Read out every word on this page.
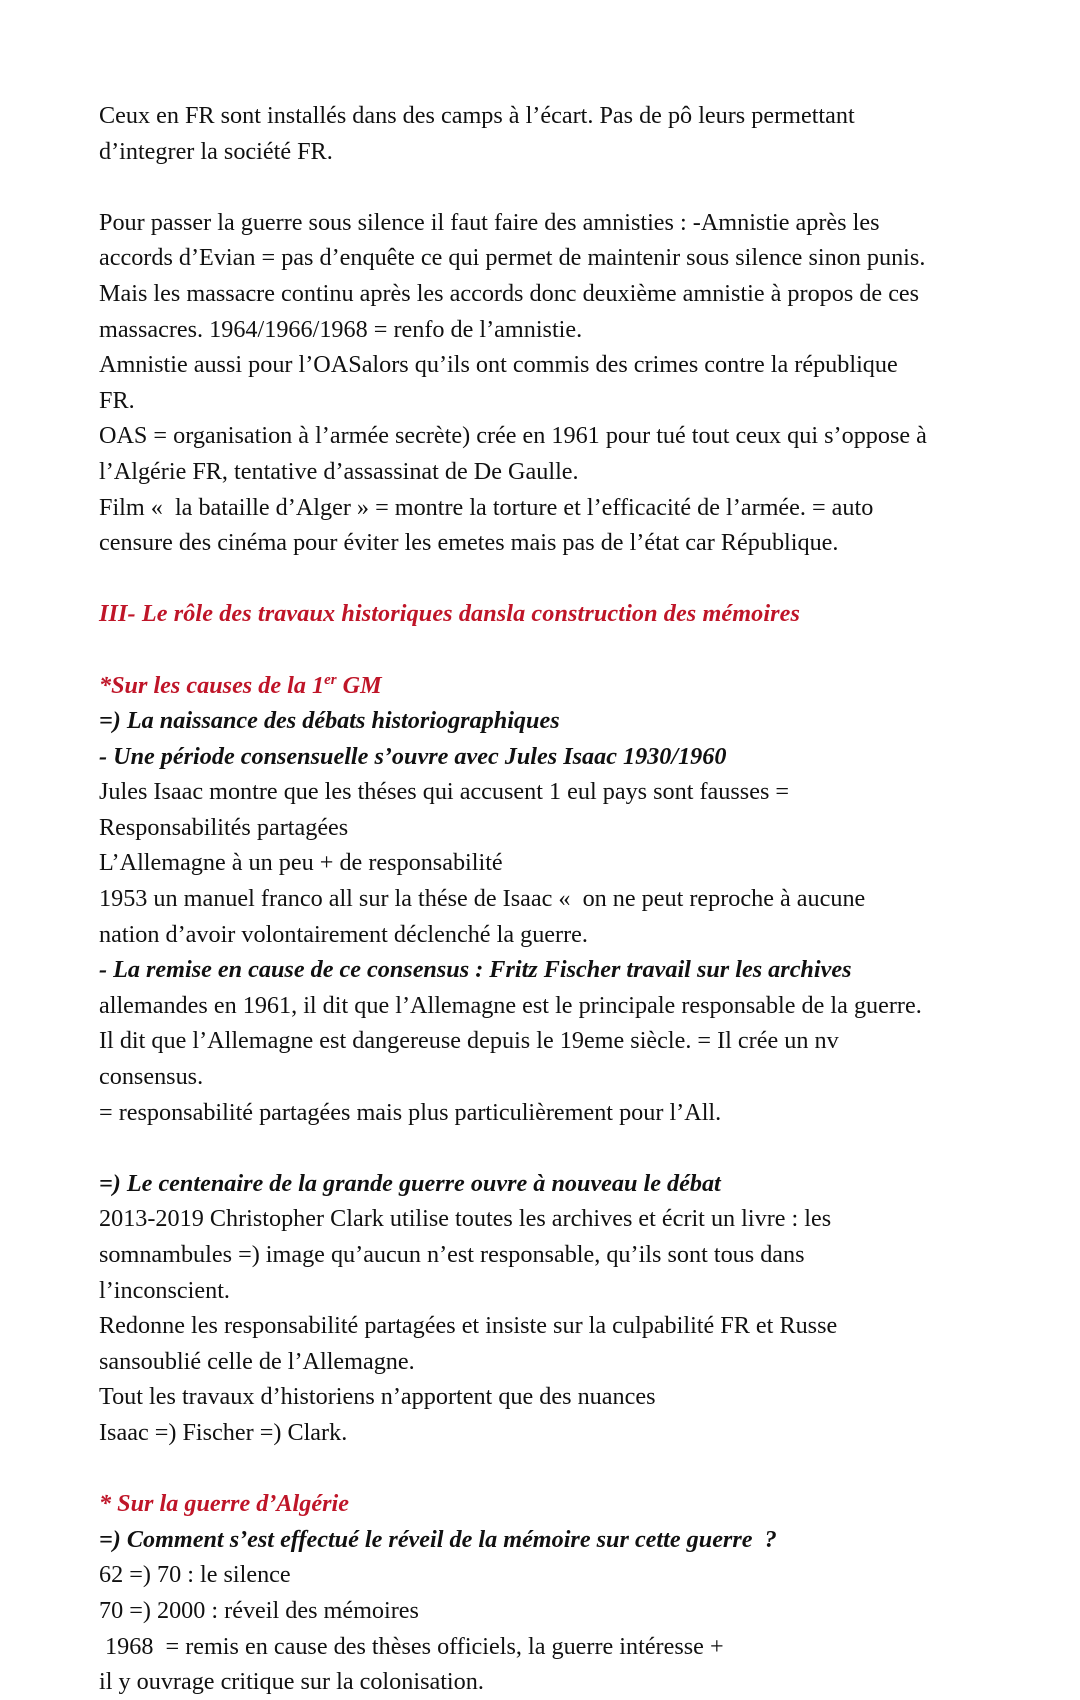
Ceux en FR sont installés dans des camps à l’écart. Pas de pô leurs permettant

d’integrer la société FR.

Pour passer la guerre sous silence il faut faire des amnisties : -Amnistie après les

accords d’Evian = pas d’enquête ce qui permet de maintenir sous silence sinon punis.

Mais les massacre continu après les accords donc deuxième amnistie à propos de ces

massacres. 1964/1966/1968 = renfo de l’amnistie.

Amnistie aussi pour l’OASalors qu’ils ont commis des crimes contre la république

FR.

OAS = organisation à l’armée secrète) crée en 1961 pour tué tout ceux qui s’oppose à

l’Algérie FR, tentative d’assassinat de De Gaulle.

Film «  la bataille d’Alger » = montre la torture et l’efficacité de l’armée. = auto

censure des cinéma pour éviter les emetes mais pas de l’état car République.

III- Le rôle des travaux historiques dansla construction des mémoires

*Sur les causes de la 1er GM

=) La naissance des débats historiographiques

- Une période consensuelle s’ouvre avec Jules Isaac 1930/1960

Jules Isaac montre que les théses qui accusent 1 eul pays sont fausses =

Responsabilités partagées

L’Allemagne à un peu + de responsabilité

1953 un manuel franco all sur la thése de Isaac «  on ne peut reproche à aucune

nation d’avoir volontairement déclenché la guerre.

- La remise en cause de ce consensus : Fritz Fischer travail sur les archives

allemandes en 1961, il dit que l’Allemagne est le principale responsable de la guerre.

Il dit que l’Allemagne est dangereuse depuis le 19eme siècle. = Il crée un nv

consensus.

= responsabilité partagées mais plus particulièrement pour l’All.

=) Le centenaire de la grande guerre ouvre à nouveau le débat

2013-2019 Christopher Clark utilise toutes les archives et écrit un livre : les

somnambules =) image qu’aucun n’est responsable, qu’ils sont tous dans

l’inconscient.

Redonne les responsabilité partagées et insiste sur la culpabilité FR et Russe

sansoublié celle de l’Allemagne.

Tout les travaux d’historiens n’apportent que des nuances

Isaac =) Fischer =) Clark.

* Sur la guerre d’Algérie

=) Comment s’est effectué le réveil de la mémoire sur cette guerre  ?

62 =) 70 : le silence

70 =) 2000 : réveil des mémoires

1968  = remis en cause des thèses officiels, la guerre intéresse +

il y ouvrage critique sur la colonisation.
